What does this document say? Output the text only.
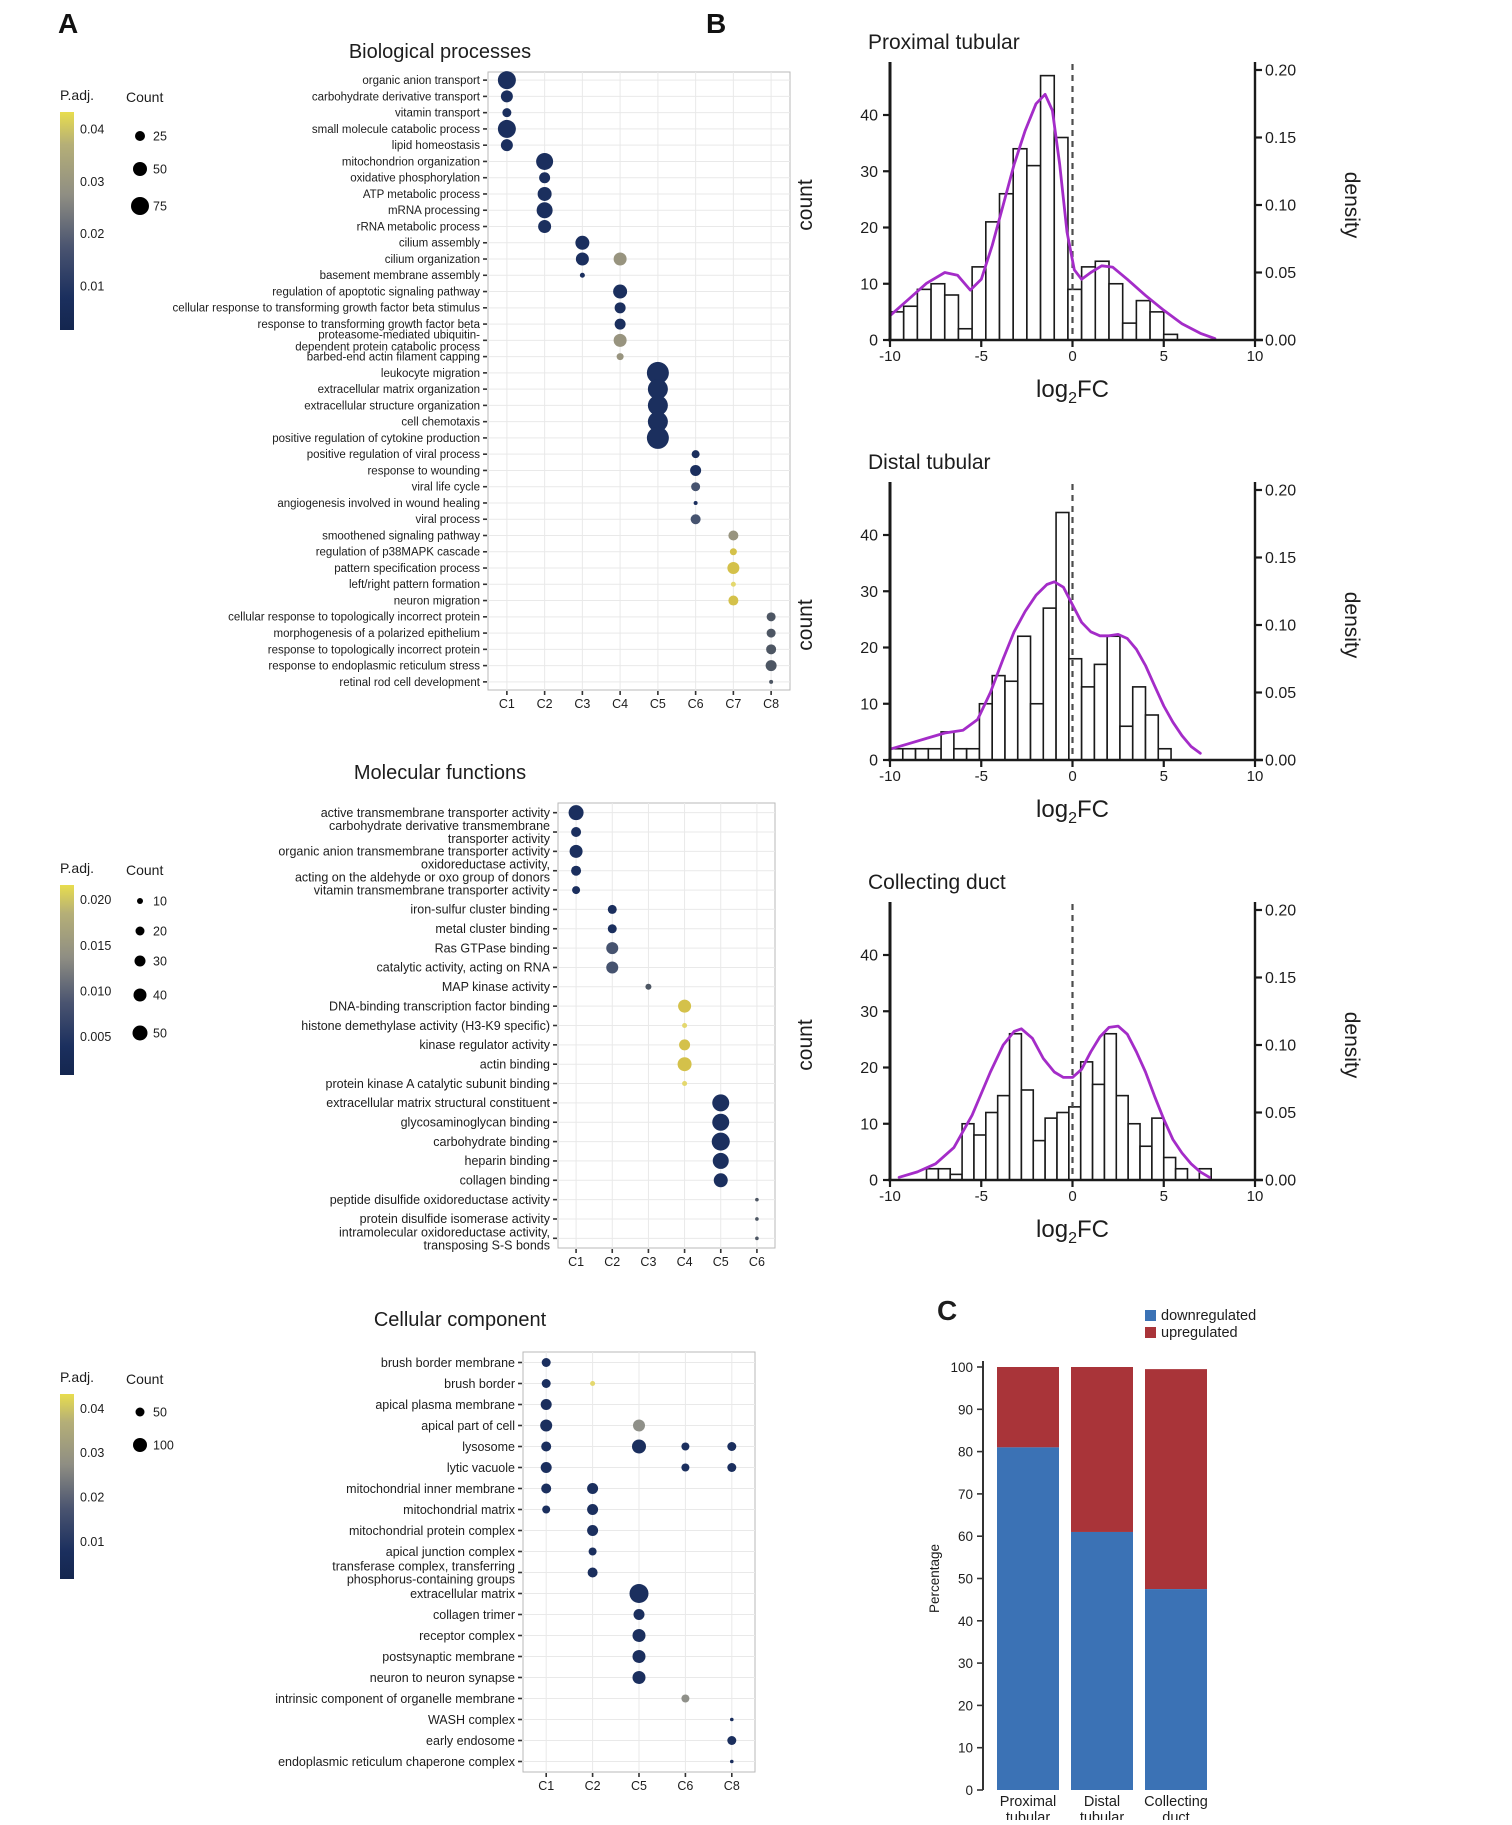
A	B
Biological processes
P.adj.
0.04
0.03
0.02
0.01
Count
25
50
75
organic anion transport
carbohydrate derivative transport
vitamin transport
small molecule catabolic process
lipid homeostasis
mitochondrion organization
oxidative phosphorylation
ATP metabolic process
mRNA processing
rRNA metabolic process
cilium assembly
cilium organization
basement membrane assembly
regulation of apoptotic signaling pathway
cellular response to transforming growth factor beta stimulus
response to transforming growth factor beta
proteasome-mediated ubiquitin-dependent protein catabolic process
barbed-end actin filament capping
leukocyte migration
extracellular matrix organization
extracellular structure organization
cell chemotaxis
positive regulation of cytokine production
positive regulation of viral process
response to wounding
viral life cycle
angiogenesis involved in wound healing
viral process
smoothened signaling pathway
regulation of p38MAPK cascade
pattern specification process
left/right pattern formation
neuron migration
cellular response to topologically incorrect protein
morphogenesis of a polarized epithelium
response to topologically incorrect protein
response to endoplasmic reticulum stress
retinal rod cell development
C1 C2 C3 C4 C5 C6 C7 C8
Molecular functions
P.adj.
0.020
0.015
0.010
0.005
Count
10
20
30
40
50
active transmembrane transporter activity
carbohydrate derivative transmembrane transporter activity
organic anion transmembrane transporter activity
oxidoreductase activity, acting on the aldehyde or oxo group of donors
vitamin transmembrane transporter activity
iron-sulfur cluster binding
metal cluster binding
Ras GTPase binding
catalytic activity, acting on RNA
MAP kinase activity
DNA-binding transcription factor binding
histone demethylase activity (H3-K9 specific)
kinase regulator activity
actin binding
protein kinase A catalytic subunit binding
extracellular matrix structural constituent
glycosaminoglycan binding
carbohydrate binding
heparin binding
collagen binding
peptide disulfide oxidoreductase activity
protein disulfide isomerase activity
intramolecular oxidoreductase activity, transposing S-S bonds
C1 C2 C3 C4 C5 C6
Cellular component
P.adj.
0.04
0.03
0.02
0.01
Count
50
100
brush border membrane
brush border
apical plasma membrane
apical part of cell
lysosome
lytic vacuole
mitochondrial inner membrane
mitochondrial matrix
mitochondrial protein complex
apical junction complex
transferase complex, transferring phosphorus-containing groups
extracellular matrix
collagen trimer
receptor complex
postsynaptic membrane
neuron to neuron synapse
intrinsic component of organelle membrane
WASH complex
early endosome
endoplasmic reticulum chaperone complex
C1 C2 C5 C6 C8
Proximal tubular
0
10
20
30
40
0.00
0.05
0.10
0.15
0.20
-10	-5	0	5	10
count	density
$\log_2FC$
Distal tubular
0
10
20
30
40
0.00
0.05
0.10
0.15
0.20
-10	-5	0	5	10
count	density
$\log_2FC$
Collecting duct
0
10
20
30
40
0.00
0.05
0.10
0.15
0.20
-10	-5	0	5	10
count	density
$\log_2FC$
C	downregulated
upregulated
0
10
20
30
40
50
60
70
80
90
100
Percentage
Proximal
tubular
Distal
tubular
Collecting
duct
